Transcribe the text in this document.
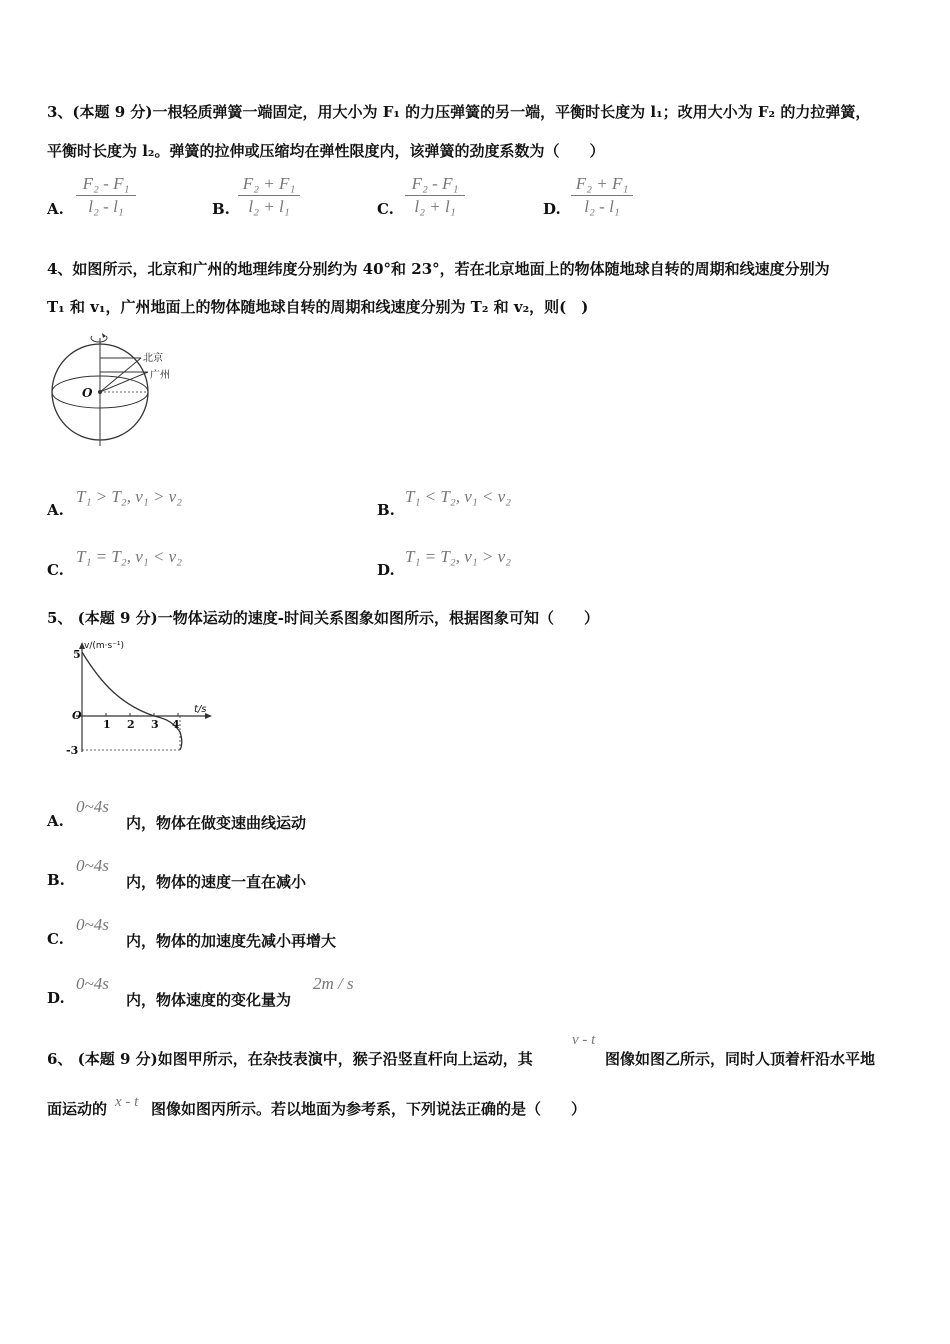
3、(本题 9 分)一根轻质弹簧一端固定，用大小为 F₁ 的力压弹簧的另一端，平衡时长度为 l₁；改用大小为 F₂ 的力拉弹簧，
平衡时长度为 l₂。弹簧的拉伸或压缩均在弹性限度内，该弹簧的劲度系数为（　　）
A.
F₂ - F₁
l₂ - l₁	B.
F₂ + F₁
l₂ + l₁	C.
F₂ - F₁
l₂ + l₁	D.
F₂ + F₁
l₂ - l₁
4、如图所示，北京和广州的地理纬度分别约为 40°和 23°，若在北京地面上的物体随地球自转的周期和线速度分别为
T₁ 和 v₁，广州地面上的物体随地球自转的周期和线速度分别为 T₂ 和 v₂，则(　)
北京
广州
O
A.
T₁ > T₂, v₁ > v₂
B.
T₁ < T₂, v₁ < v₂
C.
T₁ = T₂, v₁ < v₂
D.
T₁ = T₂, v₁ > v₂
5、 (本题 9 分)一物体运动的速度-时间关系图象如图所示，根据图象可知（　　）
v/(m·s⁻¹)
t/s
5
O
-3
1 2 3 4
A.
0~4s
内，物体在做变速曲线运动
B.
0~4s
内，物体的速度一直在减小
C.
0~4s
内，物体的加速度先减小再增大
D.
0~4s
内，物体速度的变化量为
2m / s
6、 (本题 9 分)如图甲所示，在杂技表演中，猴子沿竖直杆向上运动，其
v - t
图像如图乙所示，同时人顶着杆沿水平地
面运动的 x - t 图像如图丙所示。若以地面为参考系，下列说法正确的是（　　）
